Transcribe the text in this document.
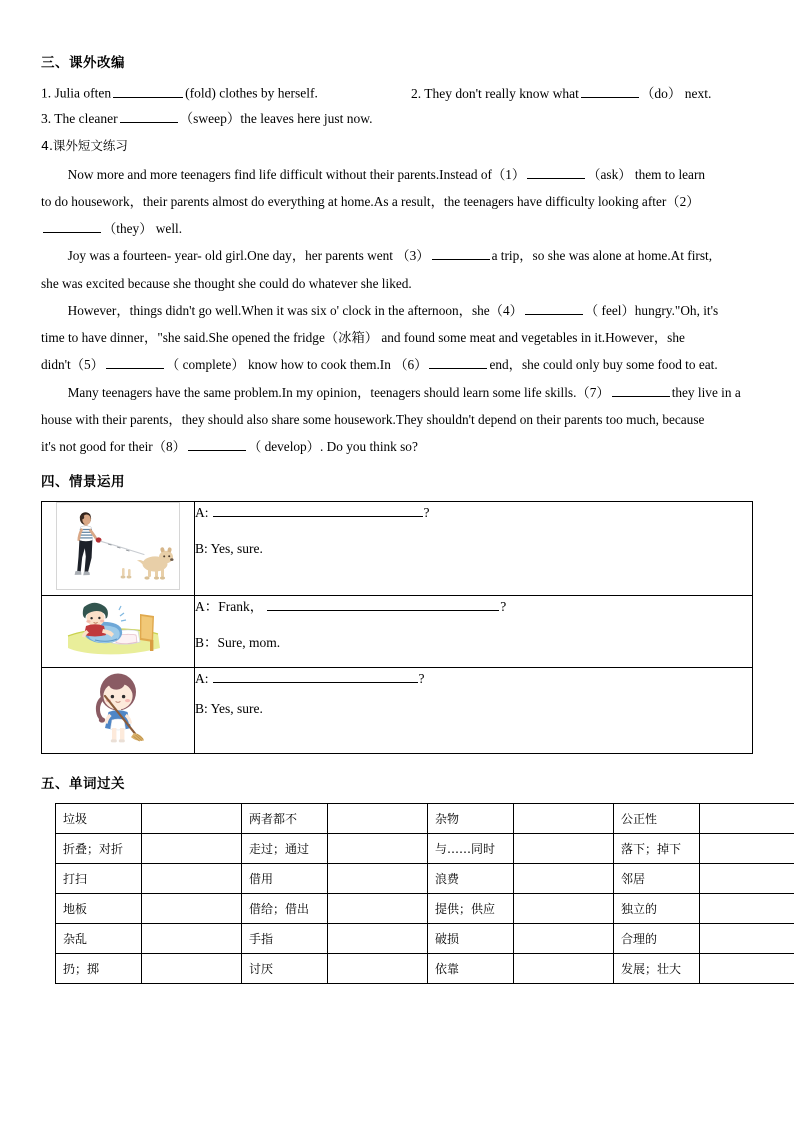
三、课外改编
1. Julia often	(fold) clothes by herself.	2. They don't really know what	（do） next.
3. The cleaner	（sweep）the leaves here just now.
4.课外短文练习

Now more and more teenagers find life difficult without their parents.Instead of（1）	（ask） them to learn

to do housework，their parents almost do everything at home.As a result，the teenagers have difficulty looking after（2）

（they） well.

Joy was a fourteen- year- old girl.One day，her parents went （3）	a trip，so she was alone at home.At first,

she was excited because she thought she could do whatever she liked.

However，things didn't go well.When it was six o' clock in the afternoon，she（4）	（ feel）hungry."Oh, it's

time to have dinner，"she said.She opened the fridge（冰箱） and found some meat and vegetables in it.However，she

didn't（5）	（ complete） know how to cook them.In （6）	end，she could only buy some food to eat.

Many teenagers have the same problem.In my opinion，teenagers should learn some life skills.（7）	they live in a

house with their parents，they should also share some housework.They shouldn't depend on their parents too much, because

it's not good for their（8）	（ develop）. Do you think so?

四、情景运用

A: ?
B: Yes, sure.

A：Frank， ?
B：Sure, mom.

A: ?
B: Yes, sure.
五、单词过关
垃圾		两者都不		杂物		公正性	
折叠；对折		走过；通过		与……同时		落下；掉下	
打扫		借用		浪费		邻居	
地板		借给；借出		提供；供应		独立的	
杂乱		手指		破损		合理的	
扔；掷		讨厌		依靠		发展；壮大	
